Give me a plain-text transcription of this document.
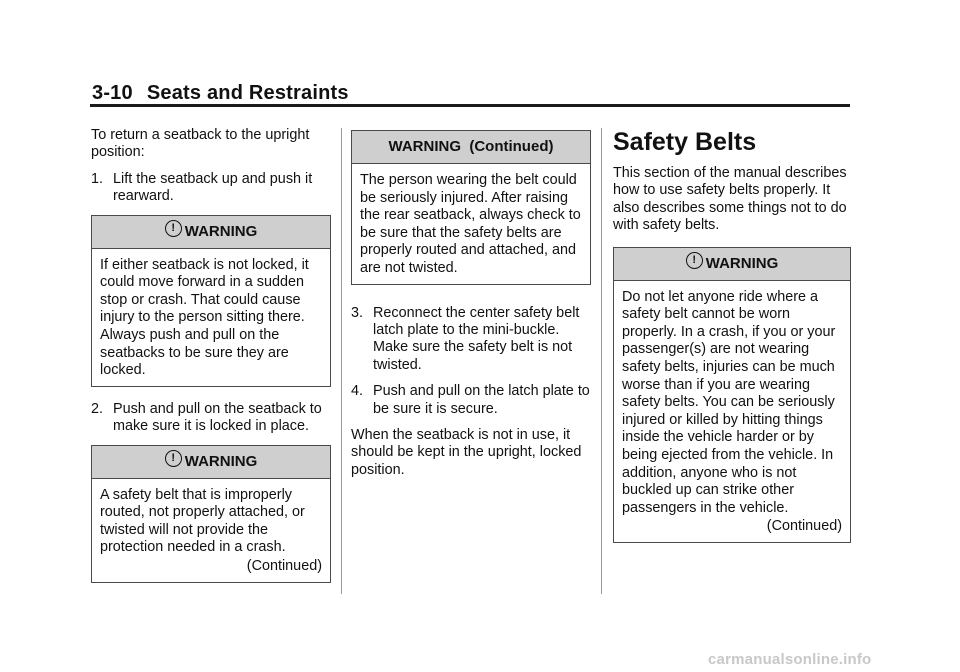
3-10 Seats and Restraints

To return a seatback to the upright position:

1. Lift the seatback up and push it rearward.
! WARNING
If either seatback is not locked, it could move forward in a sudden stop or crash. That could cause injury to the person sitting there. Always push and pull on the seatbacks to be sure they are locked.
2. Push and pull on the seatback to make sure it is locked in place.
! WARNING
A safety belt that is improperly routed, not properly attached, or twisted will not provide the protection needed in a crash.
(Continued)
WARNING  (Continued)
The person wearing the belt could be seriously injured. After raising the rear seatback, always check to be sure that the safety belts are properly routed and attached, and are not twisted.
3. Reconnect the center safety belt latch plate to the mini-buckle. Make sure the safety belt is not twisted.
4. Push and pull on the latch plate to be sure it is secure.

When the seatback is not in use, it should be kept in the upright, locked position.

Safety Belts

This section of the manual describes how to use safety belts properly. It also describes some things not to do with safety belts.

! WARNING
Do not let anyone ride where a safety belt cannot be worn properly. In a crash, if you or your passenger(s) are not wearing safety belts, injuries can be much worse than if you are wearing safety belts. You can be seriously injured or killed by hitting things inside the vehicle harder or by being ejected from the vehicle. In addition, anyone who is not buckled up can strike other passengers in the vehicle.
(Continued)
carmanualsonline.info
